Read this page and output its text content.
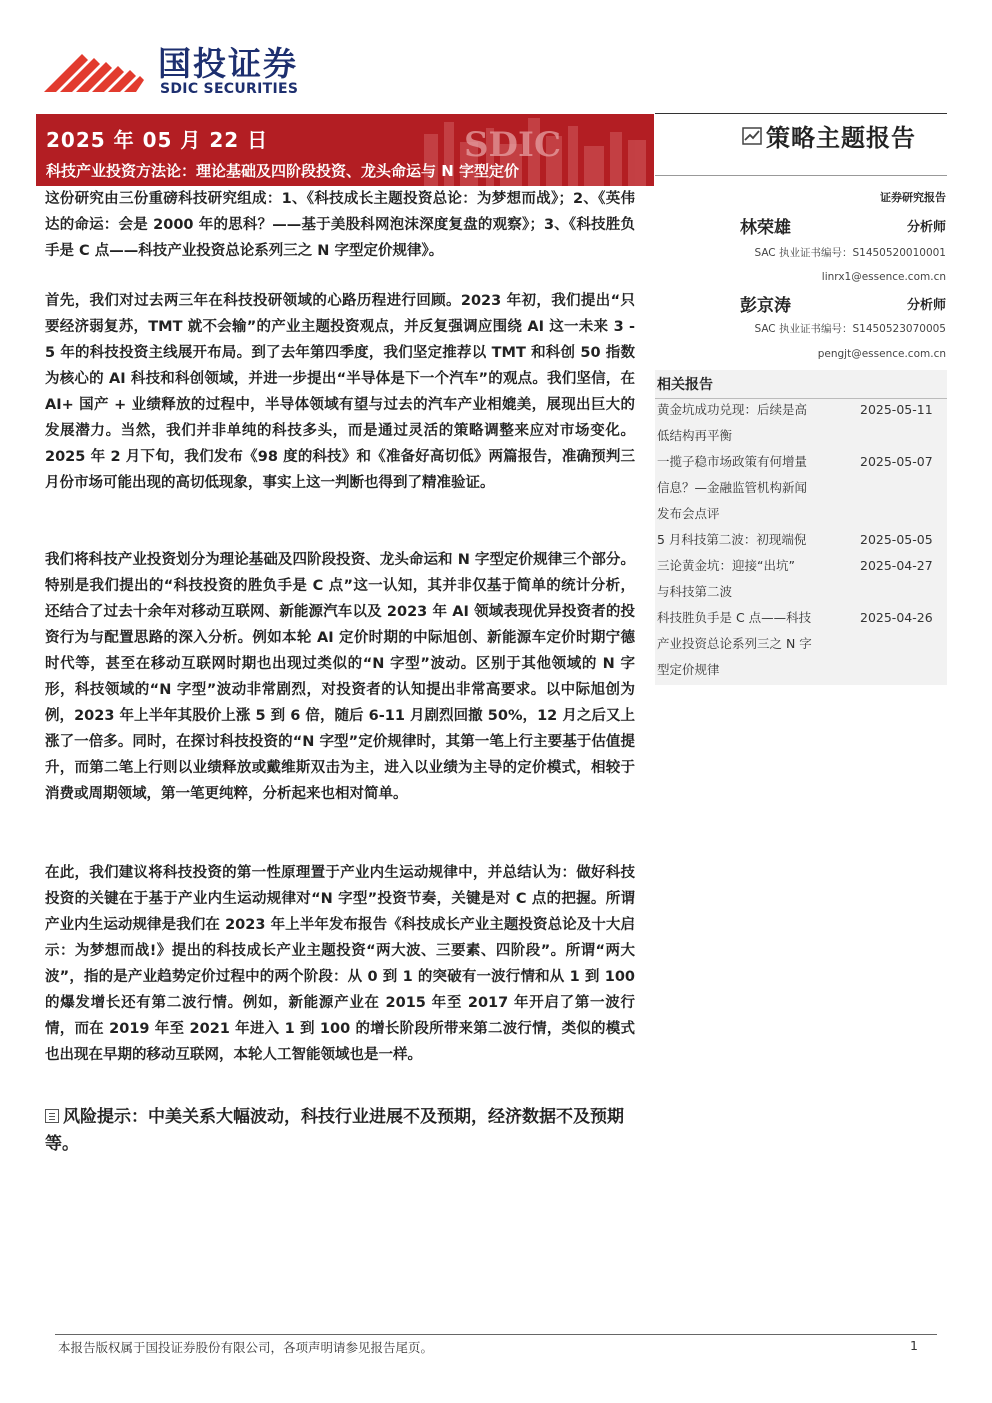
国投证券
SDIC SECURITIES
SDIC
2025 年 05 月 22 日
科技产业投资方法论：理论基础及四阶段投资、龙头命运与 N 字型定价
策略主题报告
证券研究报告
林荣雄	分析师
SAC 执业证书编号：S1450520010001
linrx1@essence.com.cn
彭京涛	分析师
SAC 执业证书编号：S1450523070005
pengjt@essence.com.cn
相关报告
黄金坑成功兑现：后续是高
低结构再平衡
2025-05-11
一揽子稳市场政策有何增量
信息？—金融监管机构新闻
发布会点评
2025-05-07
5 月科技第二波：初现端倪	2025-05-05
三论黄金坑：迎接“出坑”
与科技第二波
2025-04-27
科技胜负手是 C 点——科技
产业投资总论系列三之 N 字
型定价规律
2025-04-26
这份研究由三份重磅科技研究组成：1、《科技成长主题投资总论：为梦想而战》；2、《英伟达的命运：会是 2000 年的思科？——基于美股科网泡沫深度复盘的观察》；3、《科技胜负手是 C 点——科技产业投资总论系列三之 N 字型定价规律》。
首先，我们对过去两三年在科技投研领域的心路历程进行回顾。2023 年初，我们提出“只要经济弱复苏，TMT 就不会输”的产业主题投资观点，并反复强调应围绕 AI 这一未来 3 - 5 年的科技投资主线展开布局。到了去年第四季度，我们坚定推荐以 TMT 和科创 50 指数为核心的 AI 科技和科创领域，并进一步提出“半导体是下一个汽车”的观点。我们坚信，在 AI+ 国产 + 业绩释放的过程中，半导体领域有望与过去的汽车产业相媲美，展现出巨大的发展潜力。当然，我们并非单纯的科技多头，而是通过灵活的策略调整来应对市场变化。2025 年 2 月下旬，我们发布《98 度的科技》和《准备好高切低》两篇报告，准确预判三月份市场可能出现的高切低现象，事实上这一判断也得到了精准验证。
我们将科技产业投资划分为理论基础及四阶段投资、龙头命运和 N 字型定价规律三个部分。特别是我们提出的“科技投资的胜负手是 C 点”这一认知，其并非仅基于简单的统计分析，还结合了过去十余年对移动互联网、新能源汽车以及 2023 年 AI 领域表现优异投资者的投资行为与配置思路的深入分析。例如本轮 AI 定价时期的中际旭创、新能源车定价时期宁德时代等，甚至在移动互联网时期也出现过类似的“N 字型”波动。区别于其他领域的 N 字形，科技领域的“N 字型”波动非常剧烈，对投资者的认知提出非常高要求。以中际旭创为例，2023 年上半年其股价上涨 5 到 6 倍，随后 6-11 月剧烈回撤 50%，12 月之后又上涨了一倍多。同时，在探讨科技投资的“N 字型”定价规律时，其第一笔上行主要基于估值提升，而第二笔上行则以业绩释放或戴维斯双击为主，进入以业绩为主导的定价模式，相较于消费或周期领域，第一笔更纯粹，分析起来也相对简单。
在此，我们建议将科技投资的第一性原理置于产业内生运动规律中，并总结认为：做好科技投资的关键在于基于产业内生运动规律对“N 字型”投资节奏，关键是对 C 点的把握。所谓产业内生运动规律是我们在 2023 年上半年发布报告《科技成长产业主题投资总论及十大启示：为梦想而战!》提出的科技成长产业主题投资“两大波、三要素、四阶段”。所谓“两大波”，指的是产业趋势定价过程中的两个阶段：从 0 到 1 的突破有一波行情和从 1 到 100 的爆发增长还有第二波行情。例如，新能源产业在 2015 年至 2017 年开启了第一波行情，而在 2019 年至 2021 年进入 1 到 100 的增长阶段所带来第二波行情，类似的模式也出现在早期的移动互联网，本轮人工智能领域也是一样。
风险提示：中美关系大幅波动，科技行业进展不及预期，经济数据不及预期等。
本报告版权属于国投证券股份有限公司，各项声明请参见报告尾页。	1
